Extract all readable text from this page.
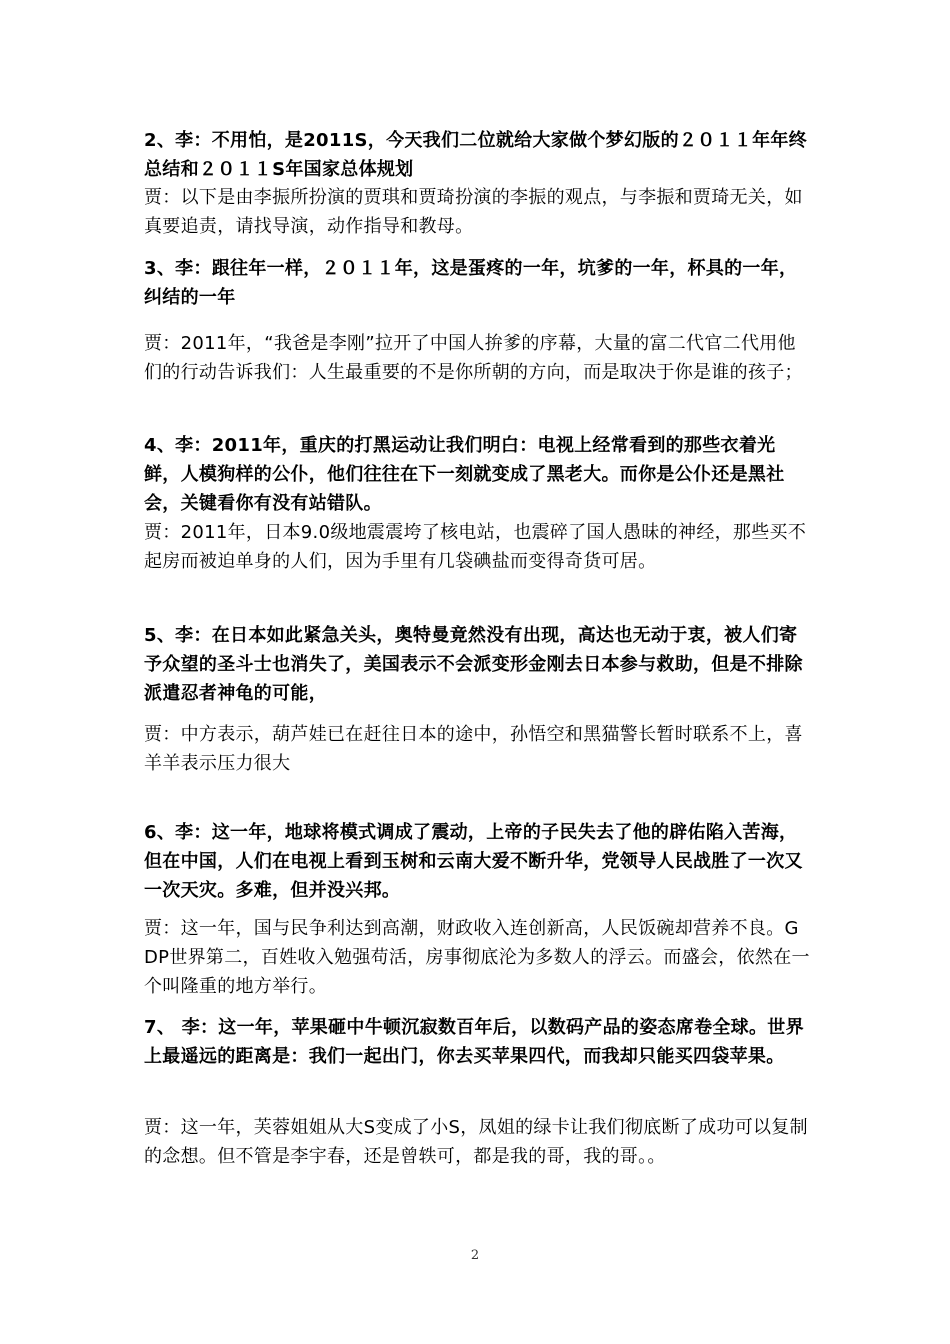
2、李：不用怕，是2011S，今天我们二位就给大家做个梦幻版的２０１１年年终总结和２０１１S年国家总体规划

贾：以下是由李振所扮演的贾琪和贾琦扮演的李振的观点，与李振和贾琦无关，如真要追责，请找导演，动作指导和教母。

3、李：跟往年一样，２０１１年，这是蛋疼的一年，坑爹的一年，杯具的一年，纠结的一年

贾：2011年，“我爸是李刚”拉开了中国人拚爹的序幕，大量的富二代官二代用他们的行动告诉我们：人生最重要的不是你所朝的方向，而是取决于你是谁的孩子；

4、李：2011年，重庆的打黑运动让我们明白：电视上经常看到的那些衣着光鲜，人模狗样的公仆，他们往往在下一刻就变成了黑老大。而你是公仆还是黑社会，关键看你有没有站错队。

贾：2011年，日本9.0级地震震垮了核电站，也震碎了国人愚昧的神经，那些买不起房而被迫单身的人们，因为手里有几袋碘盐而变得奇货可居。

5、李：在日本如此紧急关头，奥特曼竟然没有出现，高达也无动于衷，被人们寄予众望的圣斗士也消失了，美国表示不会派变形金刚去日本参与救助，但是不排除派遣忍者神龟的可能，

贾：中方表示，葫芦娃已在赶往日本的途中，孙悟空和黑猫警长暂时联系不上，喜羊羊表示压力很大

6、李：这一年，地球将模式调成了震动，上帝的子民失去了他的辟佑陷入苦海，但在中国，人们在电视上看到玉树和云南大爱不断升华，党领导人民战胜了一次又一次天灾。多难，但并没兴邦。

贾：这一年，国与民争利达到高潮，财政收入连创新高，人民饭碗却营养不良。GDP世界第二，百姓收入勉强苟活，房事彻底沦为多数人的浮云。而盛会，依然在一个叫隆重的地方举行。

7、 李：这一年，苹果砸中牛顿沉寂数百年后，以数码产品的姿态席卷全球。世界上最遥远的距离是：我们一起出门，你去买苹果四代，而我却只能买四袋苹果。

贾：这一年，芙蓉姐姐从大S变成了小S，凤姐的绿卡让我们彻底断了成功可以复制的念想。但不管是李宇春，还是曾轶可，都是我的哥，我的哥。。

2
